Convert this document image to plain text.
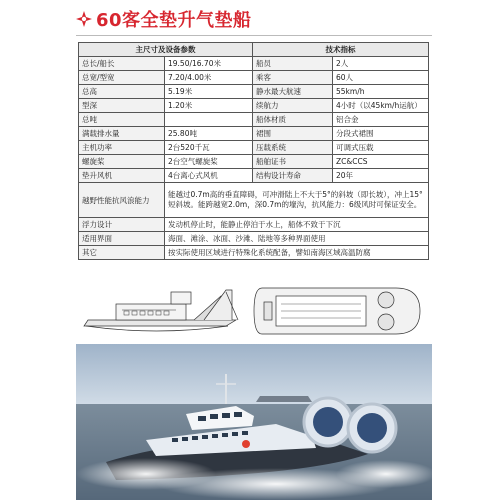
60客全垫升气垫船
主尺寸及设备参数		技术指标	
总长/船长	19.50/16.70米	船员	2人
总宽/型宽	7.20/4.00米	乘客	60人
总高	5.19米	静水最大航速	55km/h
型深	1.20米	续航力	4小时（以45km/h运航）
总吨		船体材质	铝合金
满载排水量	25.80吨	裙围	分段式裙围
主机功率	2台520千瓦	压载系统	可调式压载
螺旋桨	2台空气螺旋桨	船舶证书	ZC&CCS
垫升风机	4台离心式风机	结构设计寿命	20年
越野性能抗风浪能力	能越过0.7m高的垂直障碍，可冲滑陆上不大于5°的斜坡（即长坡），冲上15°短斜坡。能跨越宽2.0m，深0.7m的壕沟，抗风能力：6级风时可保证安全。		
浮力设计	发动机停止时，能静止停泊于水上，船体不致于下沉		
适用界面	海面、滩涂、冰面、沙滩、陆地等多种界面使用		
其它	按实际使用区域进行特殊化系统配备，譬如南海区域高温防腐		
